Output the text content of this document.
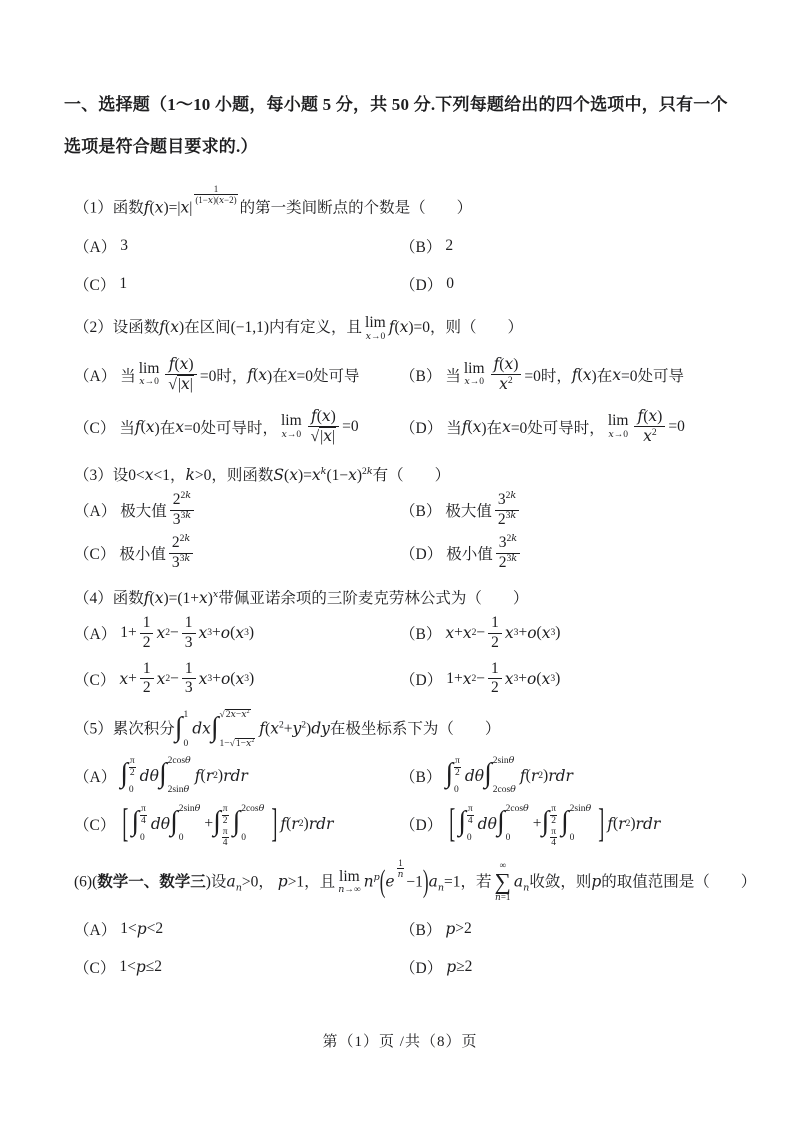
一、选择题（1～10 小题，每小题 5 分，共 50 分.下列每题给出的四个选项中，只有一个选项是符合题目要求的.）
（1）函数f(x)=|x|
$\frac{1}{(1-x)(x-2)}$
的第一类间断点的个数是（  ）
（A） 3	（B） 2
（C） 1	（D） 0
（2）设函数f(x)在区间(−1,1)内有定义，且 lim
x→0
f(x)=0，则（  ）
（A） 当 lim
$x\to 0 \frac{f(x)}{√|x|} =0$时， f ( x )在 x =0处可导	（B） 当 lim
$x\to 0 \frac{f(x)}{x^2} =0$时， f ( x )在 x =0处可导
（C） 当 f ( x )在 x =0处可导时， lim
$x\to 0 \frac{f(x)}{√|x|} =0$	（D） 当 f ( x )在 x =0处可导时， lim
$x\to 0 \frac{f(x)}{x^2} =0$
（3）设0<x<1，k>0，则函数$S(x)=x^k(1-x)^{2k}$有（  ）
（A） 极大值 $\frac{2^{2k}}{3^{3k}}$	（B） 极大值 $\frac{3^{2k}}{2^{3k}}$
（C） 极小值 $\frac{2^{2k}}{3^{3k}}$	（D） 极小值 $\frac{3^{2k}}{2^{3k}}$
（4）函数$f(x)=(1+x)^x$带佩亚诺余项的三阶麦克劳林公式为（  ）
（A） $1+ \frac{1}{2}$ x $2 - \frac{1}{3}$ x 3 + o ( x 3 )	（B） x + x $2 - \frac{1}{2}$ x 3 + o ( x 3 )
（C） $x + \frac{1}{2}$ x $2 - \frac{1}{3}$ x 3 + o ( x 3 )	（D） 1+ x $2 - \frac{1}{2}$ x 3 + o ( x 3 )
（5）累次积分∫ 1
0
dx∫ $√2x-x^2$
$1-√1-x^2$
$f(x^2+y^2)dy$在极坐标系下为（  ）
（A） ∫ $\frac{\pi}{2}$
0
dθ ∫ 2cosθ
2sinθ
f ( r 2 ) rdr	（B） ∫ $\frac{\pi}{2}$
0
dθ ∫ 2sinθ
2cosθ
f ( r 2 ) rdr
（C） [ ∫ $\frac{\pi}{4}$
0
dθ ∫ 2sinθ
0
+ ∫ $\frac{\pi}{2}$
$\frac{\pi}{4}$
∫ 2cosθ
0	] f ( r 2 ) rdr	（D） [ ∫ $\frac{\pi}{4}$
0
dθ ∫ 2cosθ
0
+ ∫ $\frac{\pi}{2}$
$\frac{\pi}{4}$
∫ 2sinθ
0	] f ( r 2 ) rdr
(6)(数学一、数学三)设$a_n>0$， p>1，且 lim
n→∞
$n^p(e$
$\frac{1}{n}$
$-1)a_n=1$，若
∞
∑
n=1
$a_n$收敛，则p的取值范围是（  ）
（A） 1< p <2	（B） p >2
（C） 1< p ≤2	（D） p ≥2
第（1）页 /共（8）页
